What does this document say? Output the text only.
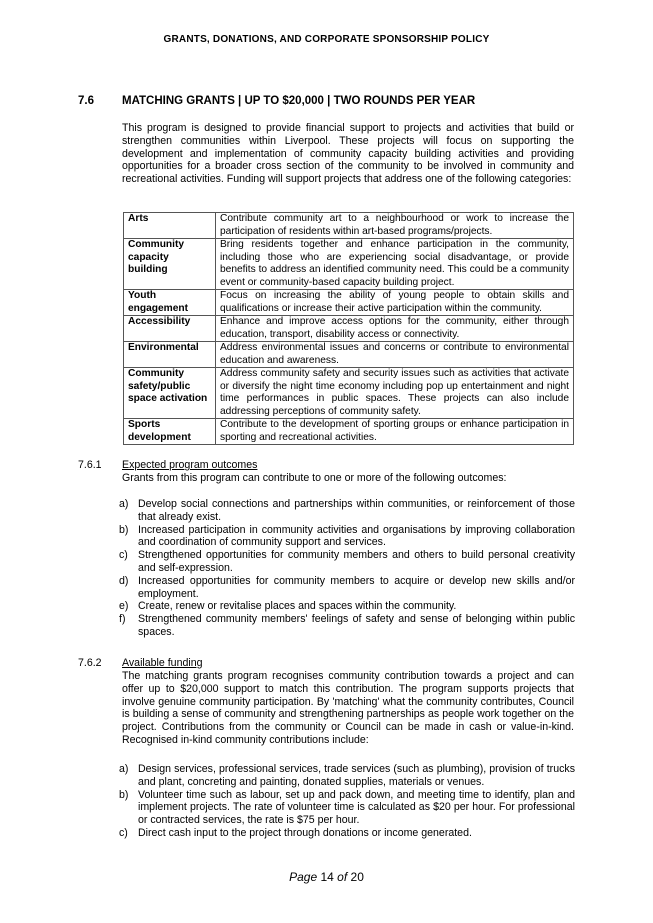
GRANTS, DONATIONS, AND CORPORATE SPONSORSHIP POLICY
7.6 MATCHING GRANTS | UP TO $20,000 | TWO ROUNDS PER YEAR
This program is designed to provide financial support to projects and activities that build or strengthen communities within Liverpool. These projects will focus on supporting the development and implementation of community capacity building activities and providing opportunities for a broader cross section of the community to be involved in community and recreational activities. Funding will support projects that address one of the following categories:
Arts	Contribute community art to a neighbourhood or work to increase the participation of residents within art-based programs/projects.
Community capacity building	Bring residents together and enhance participation in the community, including those who are experiencing social disadvantage, or provide benefits to address an identified community need. This could be a community event or community-based capacity building project.
Youth engagement	Focus on increasing the ability of young people to obtain skills and qualifications or increase their active participation within the community.
Accessibility	Enhance and improve access options for the community, either through education, transport, disability access or connectivity.
Environmental	Address environmental issues and concerns or contribute to environmental education and awareness.
Community safety/public space activation	Address community safety and security issues such as activities that activate or diversify the night time economy including pop up entertainment and night time performances in public spaces. These projects can also include addressing perceptions of community safety.
Sports development	Contribute to the development of sporting groups or enhance participation in sporting and recreational activities.
7.6.1 Expected program outcomes
Grants from this program can contribute to one or more of the following outcomes:
a) Develop social connections and partnerships within communities, or reinforcement of those that already exist.
b) Increased participation in community activities and organisations by improving collaboration and coordination of community support and services.
c) Strengthened opportunities for community members and others to build personal creativity and self-expression.
d) Increased opportunities for community members to acquire or develop new skills and/or employment.
e) Create, renew or revitalise places and spaces within the community.
f)	Strengthened community members' feelings of safety and sense of belonging within public spaces.
7.6.2 Available funding
The matching grants program recognises community contribution towards a project and can offer up to $20,000 support to match this contribution. The program supports projects that involve genuine community participation. By 'matching' what the community contributes, Council is building a sense of community and strengthening partnerships as people work together on the project. Contributions from the community or Council can be made in cash or value-in-kind. Recognised in-kind community contributions include:
a) Design services, professional services, trade services (such as plumbing), provision of trucks and plant, concreting and painting, donated supplies, materials or venues.
b) Volunteer time such as labour, set up and pack down, and meeting time to identify, plan and implement projects. The rate of volunteer time is calculated as $20 per hour. For professional or contracted services, the rate is $75 per hour.
c) Direct cash input to the project through donations or income generated.
Page 14 of 20
